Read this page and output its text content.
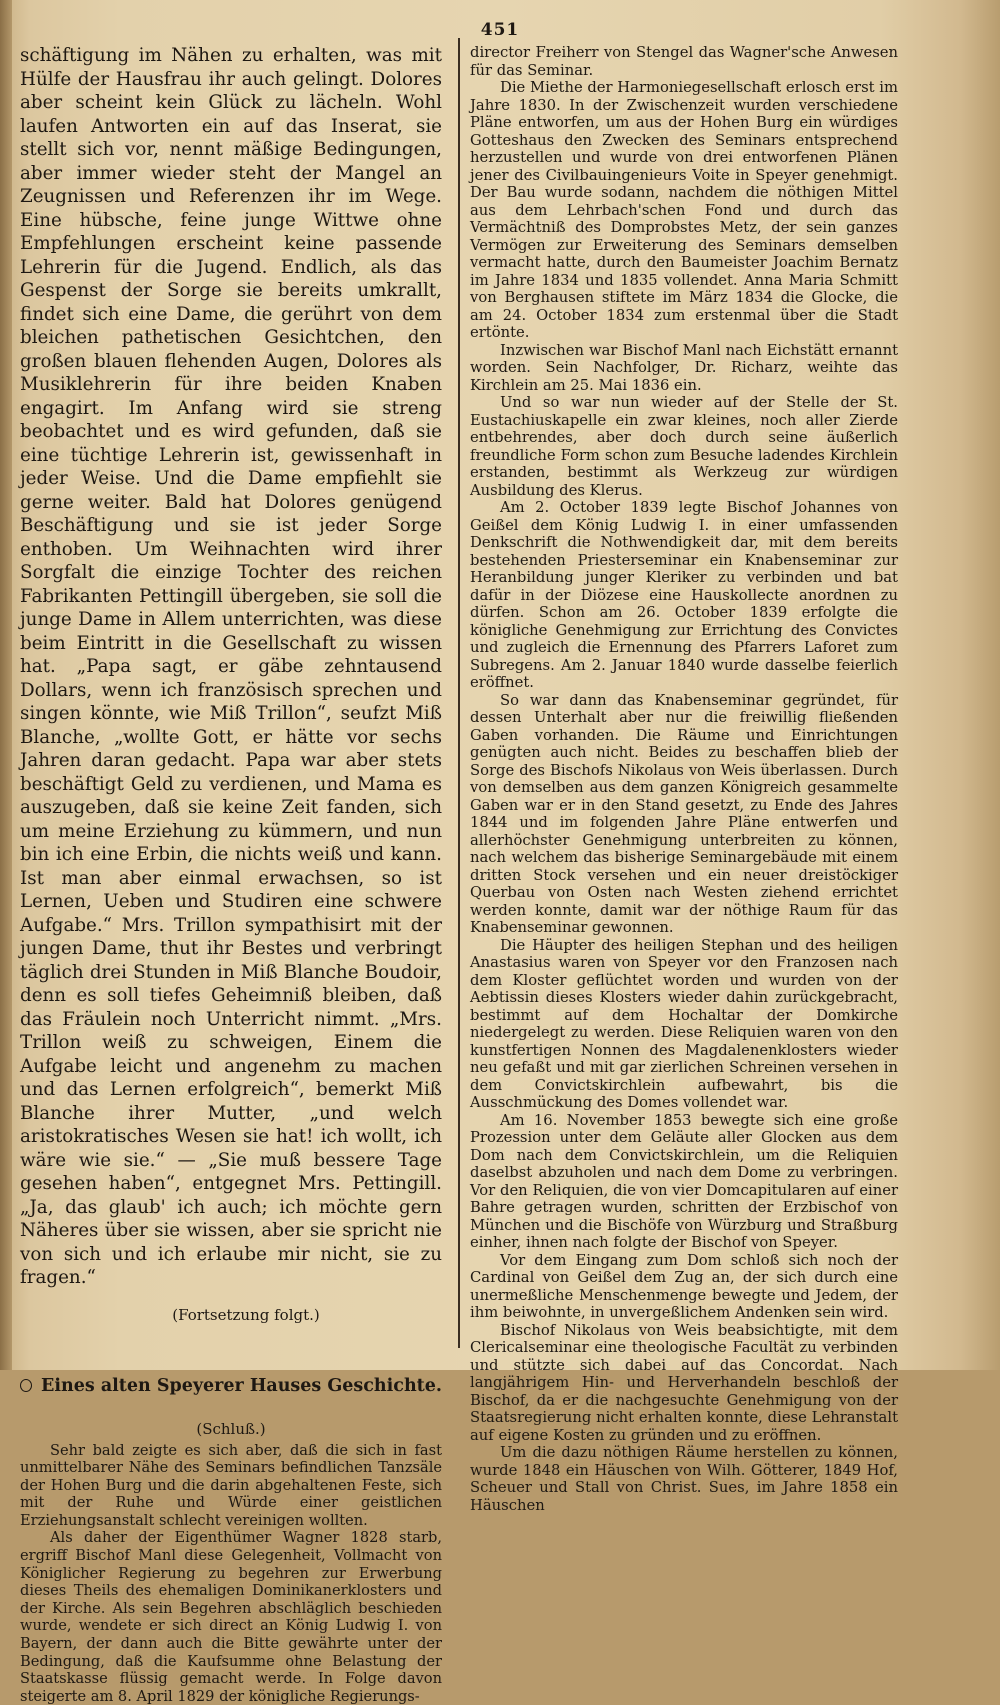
451

schäftigung im Nähen zu erhalten, was mit Hülfe der Hausfrau ihr auch gelingt. Dolores aber scheint kein Glück zu lächeln. Wohl laufen Antworten ein auf das Inserat, sie stellt sich vor, nennt mäßige Bedingungen, aber immer wieder steht der Mangel an Zeugnissen und Referenzen ihr im Wege. Eine hübsche, feine junge Wittwe ohne Empfehlungen erscheint keine passende Lehrerin für die Jugend. Endlich, als das Gespenst der Sorge sie bereits umkrallt, findet sich eine Dame, die gerührt von dem bleichen pathetischen Gesichtchen, den großen blauen flehenden Augen, Dolores als Musiklehrerin für ihre beiden Knaben engagirt. Im Anfang wird sie streng beobachtet und es wird gefunden, daß sie eine tüchtige Lehrerin ist, gewissenhaft in jeder Weise. Und die Dame empfiehlt sie gerne weiter. Bald hat Dolores genügend Beschäftigung und sie ist jeder Sorge enthoben. Um Weihnachten wird ihrer Sorgfalt die einzige Tochter des reichen Fabrikanten Pettingill übergeben, sie soll die junge Dame in Allem unterrichten, was diese beim Eintritt in die Gesellschaft zu wissen hat. „Papa sagt, er gäbe zehntausend Dollars, wenn ich französisch sprechen und singen könnte, wie Miß Trillon“, seufzt Miß Blanche, „wollte Gott, er hätte vor sechs Jahren daran gedacht. Papa war aber stets beschäftigt Geld zu verdienen, und Mama es auszugeben, daß sie keine Zeit fanden, sich um meine Erziehung zu kümmern, und nun bin ich eine Erbin, die nichts weiß und kann. Ist man aber einmal erwachsen, so ist Lernen, Ueben und Studiren eine schwere Aufgabe.“ Mrs. Trillon sympathisirt mit der jungen Dame, thut ihr Bestes und verbringt täglich drei Stunden in Miß Blanche Boudoir, denn es soll tiefes Geheimniß bleiben, daß das Fräulein noch Unterricht nimmt. „Mrs. Trillon weiß zu schweigen, Einem die Aufgabe leicht und angenehm zu machen und das Lernen erfolgreich“, bemerkt Miß Blanche ihrer Mutter, „und welch aristokratisches Wesen sie hat! ich wollt, ich wäre wie sie.“ — „Sie muß bessere Tage gesehen haben“, entgegnet Mrs. Pettingill. „Ja, das glaub' ich auch; ich möchte gern Näheres über sie wissen, aber sie spricht nie von sich und ich erlaube mir nicht, sie zu fragen.“

(Fortsetzung folgt.)

Eines alten Speyerer Hauses Geschichte.
(Schluß.)

Sehr bald zeigte es sich aber, daß die sich in fast unmittelbarer Nähe des Seminars befindlichen Tanzsäle der Hohen Burg und die darin abgehaltenen Feste, sich mit der Ruhe und Würde einer geistlichen Erziehungsanstalt schlecht vereinigen wollten.

Als daher der Eigenthümer Wagner 1828 starb, ergriff Bischof Manl diese Gelegenheit, Vollmacht von Königlicher Regierung zu begehren zur Erwerbung dieses Theils des ehemaligen Dominikanerklosters und der Kirche. Als sein Begehren abschläglich beschieden wurde, wendete er sich direct an König Ludwig I. von Bayern, der dann auch die Bitte gewährte unter der Bedingung, daß die Kaufsumme ohne Belastung der Staatskasse flüssig gemacht werde. In Folge davon steigerte am 8. April 1829 der königliche Regierungs-

director Freiherr von Stengel das Wagner'sche Anwesen für das Seminar.

Die Miethe der Harmoniegesellschaft erlosch erst im Jahre 1830. In der Zwischenzeit wurden verschiedene Pläne entworfen, um aus der Hohen Burg ein würdiges Gotteshaus den Zwecken des Seminars entsprechend herzustellen und wurde von drei entworfenen Plänen jener des Civilbauingenieurs Voite in Speyer genehmigt. Der Bau wurde sodann, nachdem die nöthigen Mittel aus dem Lehrbach'schen Fond und durch das Vermächtniß des Domprobstes Metz, der sein ganzes Vermögen zur Erweiterung des Seminars demselben vermacht hatte, durch den Baumeister Joachim Bernatz im Jahre 1834 und 1835 vollendet. Anna Maria Schmitt von Berghausen stiftete im März 1834 die Glocke, die am 24. October 1834 zum erstenmal über die Stadt ertönte.

Inzwischen war Bischof Manl nach Eichstätt ernannt worden. Sein Nachfolger, Dr. Richarz, weihte das Kirchlein am 25. Mai 1836 ein.

Und so war nun wieder auf der Stelle der St. Eustachiuskapelle ein zwar kleines, noch aller Zierde entbehrendes, aber doch durch seine äußerlich freundliche Form schon zum Besuche ladendes Kirchlein erstanden, bestimmt als Werkzeug zur würdigen Ausbildung des Klerus.

Am 2. October 1839 legte Bischof Johannes von Geißel dem König Ludwig I. in einer umfassenden Denkschrift die Nothwendigkeit dar, mit dem bereits bestehenden Priesterseminar ein Knabenseminar zur Heranbildung junger Kleriker zu verbinden und bat dafür in der Diözese eine Hauskollecte anordnen zu dürfen. Schon am 26. October 1839 erfolgte die königliche Genehmigung zur Errichtung des Convictes und zugleich die Ernennung des Pfarrers Laforet zum Subregens. Am 2. Januar 1840 wurde dasselbe feierlich eröffnet.

So war dann das Knabenseminar gegründet, für dessen Unterhalt aber nur die freiwillig fließenden Gaben vorhanden. Die Räume und Einrichtungen genügten auch nicht. Beides zu beschaffen blieb der Sorge des Bischofs Nikolaus von Weis überlassen. Durch von demselben aus dem ganzen Königreich gesammelte Gaben war er in den Stand gesetzt, zu Ende des Jahres 1844 und im folgenden Jahre Pläne entwerfen und allerhöchster Genehmigung unterbreiten zu können, nach welchem das bisherige Seminargebäude mit einem dritten Stock versehen und ein neuer dreistöckiger Querbau von Osten nach Westen ziehend errichtet werden konnte, damit war der nöthige Raum für das Knabenseminar gewonnen.

Die Häupter des heiligen Stephan und des heiligen Anastasius waren von Speyer vor den Franzosen nach dem Kloster geflüchtet worden und wurden von der Aebtissin dieses Klosters wieder dahin zurückgebracht, bestimmt auf dem Hochaltar der Domkirche niedergelegt zu werden. Diese Reliquien waren von den kunstfertigen Nonnen des Magdalenenklosters wieder neu gefaßt und mit gar zierlichen Schreinen versehen in dem Convictskirchlein aufbewahrt, bis die Ausschmückung des Domes vollendet war.

Am 16. November 1853 bewegte sich eine große Prozession unter dem Geläute aller Glocken aus dem Dom nach dem Convictskirchlein, um die Reliquien daselbst abzuholen und nach dem Dome zu verbringen. Vor den Reliquien, die von vier Domcapitularen auf einer Bahre getragen wurden, schritten der Erzbischof von München und die Bischöfe von Würzburg und Straßburg einher, ihnen nach folgte der Bischof von Speyer.

Vor dem Eingang zum Dom schloß sich noch der Cardinal von Geißel dem Zug an, der sich durch eine unermeßliche Menschenmenge bewegte und Jedem, der ihm beiwohnte, in unvergeßlichem Andenken sein wird.

Bischof Nikolaus von Weis beabsichtigte, mit dem Clericalseminar eine theologische Facultät zu verbinden und stützte sich dabei auf das Concordat. Nach langjährigem Hin- und Herverhandeln beschloß der Bischof, da er die nachgesuchte Genehmigung von der Staatsregierung nicht erhalten konnte, diese Lehranstalt auf eigene Kosten zu gründen und zu eröffnen.

Um die dazu nöthigen Räume herstellen zu können, wurde 1848 ein Häuschen von Wilh. Götterer, 1849 Hof, Scheuer und Stall von Christ. Sues, im Jahre 1858 ein Häuschen
